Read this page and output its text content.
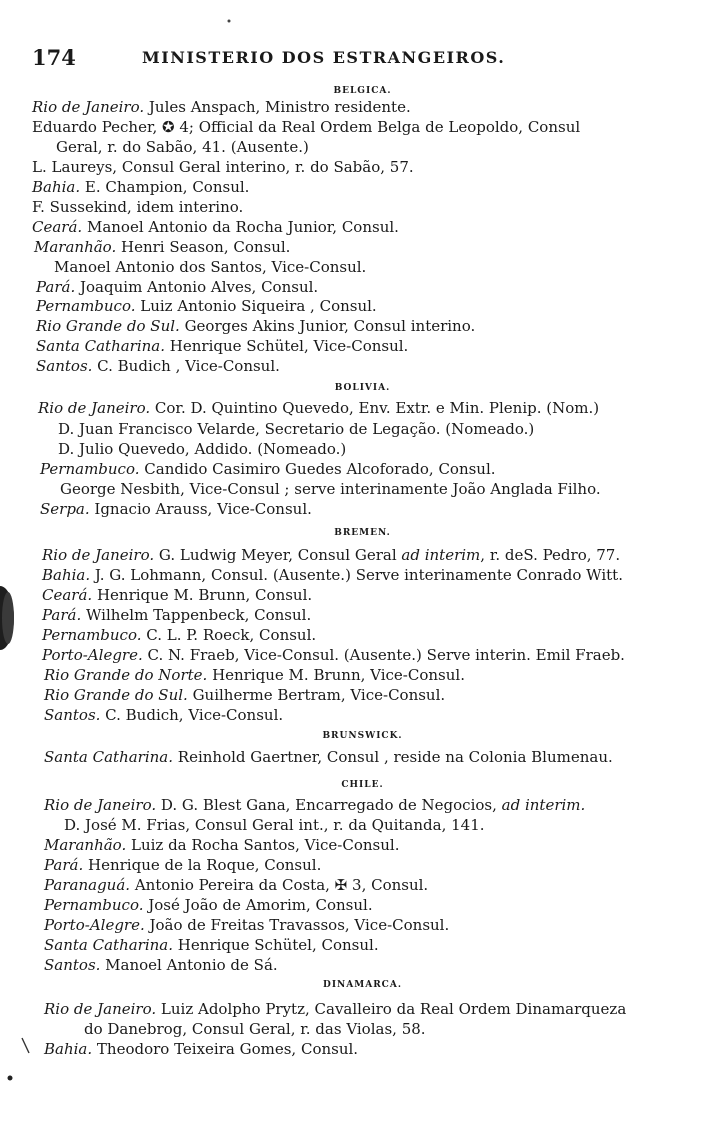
174	MINISTERIO DOS ESTRANGEIROS.
BELGICA.
Rio de Janeiro. Jules Anspach, Ministro residente.
Eduardo Pecher, ✪ 4; Official da Real Ordem Belga de Leopoldo, Consul
Geral, r. do Sabão, 41. (Ausente.)
L. Laureys, Consul Geral interino, r. do Sabão, 57.
Bahia. E. Champion, Consul.
F. Sussekind, idem interino.
Ceará. Manoel Antonio da Rocha Junior, Consul.
Maranhão. Henri Season, Consul.
Manoel Antonio dos Santos, Vice-Consul.
Pará. Joaquim Antonio Alves, Consul.
Pernambuco. Luiz Antonio Siqueira , Consul.
Rio Grande do Sul. Georges Akins Junior, Consul interino.
Santa Catharina. Henrique Schütel, Vice-Consul.
Santos. C. Budich , Vice-Consul.
BOLIVIA.
Rio de Janeiro. Cor. D. Quintino Quevedo, Env. Extr. e Min. Plenip. (Nom.)
D. Juan Francisco Velarde, Secretario de Legação. (Nomeado.)
D. Julio Quevedo, Addido. (Nomeado.)
Pernambuco. Candido Casimiro Guedes Alcoforado, Consul.
George Nesbith, Vice-Consul ; serve interinamente João Anglada Filho.
Serpa. Ignacio Arauss, Vice-Consul.
BREMEN.
Rio de Janeiro. G. Ludwig Meyer, Consul Geral ad interim, r. deS. Pedro, 77.
Bahia. J. G. Lohmann, Consul. (Ausente.) Serve interinamente Conrado Witt.
Ceará. Henrique M. Brunn, Consul.
Pará. Wilhelm Tappenbeck, Consul.
Pernambuco. C. L. P. Roeck, Consul.
Porto-Alegre. C. N. Fraeb, Vice-Consul. (Ausente.) Serve interin. Emil Fraeb.
Rio Grande do Norte. Henrique M. Brunn, Vice-Consul.
Rio Grande do Sul. Guilherme Bertram, Vice-Consul.
Santos. C. Budich, Vice-Consul.
BRUNSWICK.
Santa Catharina. Reinhold Gaertner, Consul , reside na Colonia Blumenau.
CHILE.
Rio de Janeiro. D. G. Blest Gana, Encarregado de Negocios, ad interim.
D. José M. Frias, Consul Geral int., r. da Quitanda, 141.
Maranhão. Luiz da Rocha Santos, Vice-Consul.
Pará. Henrique de la Roque, Consul.
Paranaguá. Antonio Pereira da Costa, ✠ 3, Consul.
Pernambuco. José João de Amorim, Consul.
Porto-Alegre. João de Freitas Travassos, Vice-Consul.
Santa Catharina. Henrique Schütel, Consul.
Santos. Manoel Antonio de Sá.
DINAMARCA.
Rio de Janeiro. Luiz Adolpho Prytz, Cavalleiro da Real Ordem Dinamarqueza
do Danebrog, Consul Geral, r. das Violas, 58.
Bahia. Theodoro Teixeira Gomes, Consul.
